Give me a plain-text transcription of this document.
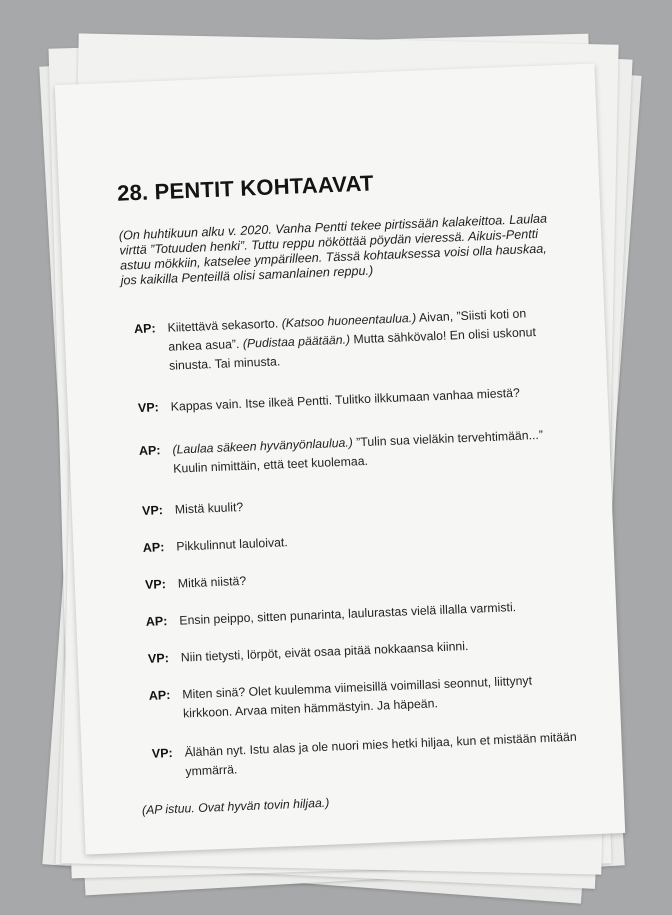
28. PENTIT KOHTAAVAT
(On huhtikuun alku v. 2020. Vanha Pentti tekee pirtissään kalakeittoa. Laulaa virttä ”Totuuden henki”. Tuttu reppu nököttää pöydän vieressä. Aikuis-Pentti astuu mökkiin, katselee ympärilleen. Tässä kohtauksessa voisi olla hauskaa, jos kaikilla Penteillä olisi samanlainen reppu.)
AP: Kiitettävä sekasorto. (Katsoo huoneentaulua.) Aivan, ”Siisti koti on ankea asua”. (Pudistaa päätään.) Mutta sähkövalo! En olisi uskonut sinusta. Tai minusta.
VP: Kappas vain. Itse ilkeä Pentti. Tulitko ilkkumaan vanhaa miestä?
AP: (Laulaa säkeen hyvänyönlaulua.) ”Tulin sua vieläkin tervehtimään...” Kuulin nimittäin, että teet kuolemaa.
VP: Mistä kuulit?
AP: Pikkulinnut lauloivat.
VP: Mitkä niistä?
AP: Ensin peippo, sitten punarinta, laulurastas vielä illalla varmisti.
VP: Niin tietysti, lörpöt, eivät osaa pitää nokkaansa kiinni.
AP: Miten sinä? Olet kuulemma viimeisillä voimillasi seonnut, liittynyt kirkkoon. Arvaa miten hämmästyin. Ja häpeän.
VP: Älähän nyt. Istu alas ja ole nuori mies hetki hiljaa, kun et mistään mitään ymmärrä.
(AP istuu. Ovat hyvän tovin hiljaa.)
